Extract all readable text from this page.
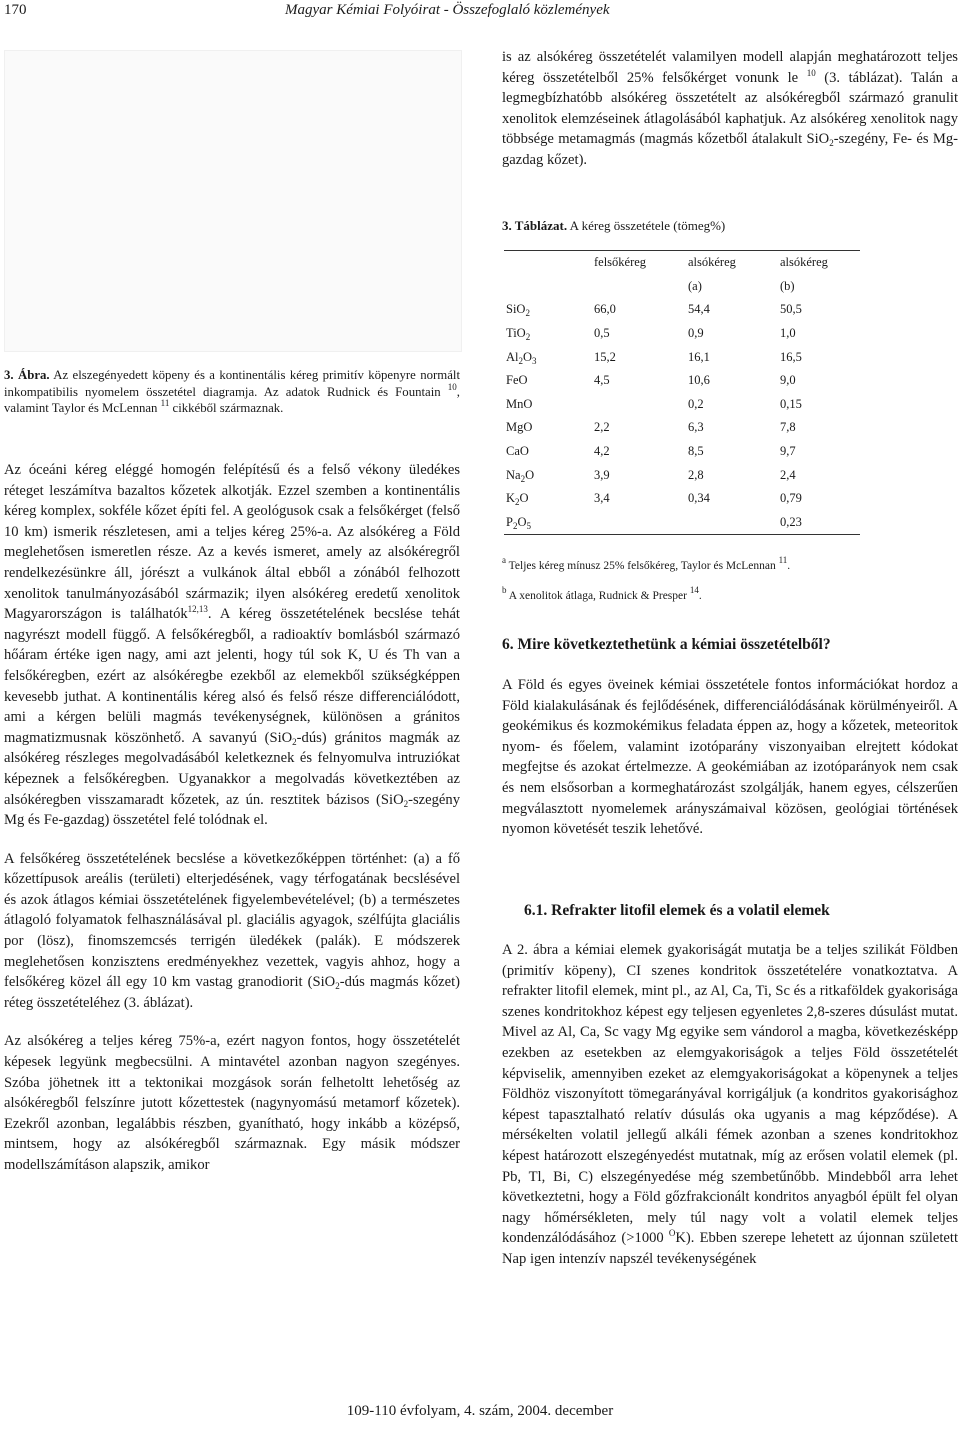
170	Magyar Kémiai Folyóirat - Összefoglaló közlemények
3. Ábra. Az elszegényedett köpeny és a kontinentális kéreg primitív köpenyre normált inkompatibilis nyomelem összetétel diagramja. Az adatok Rudnick és Fountain $^{10}$, valamint Taylor és McLennan $^{11}$ cikkéből származnak.

Az óceáni kéreg eléggé homogén felépítésű és a felső vékony üledékes réteget leszámítva bazaltos kőzetek alkotják. Ezzel szemben a kontinentális kéreg komplex, sokféle kőzet építi fel. A geológusok csak a felsőkérget (felső 10 km) ismerik részletesen, ami a teljes kéreg 25%-a. Az alsókéreg a Föld meglehetősen ismeretlen része. Az a kevés ismeret, amely az alsókéregről rendelkezésünkre áll, jórészt a vulkánok által ebből a zónából felhozott xenolitok tanulmányozásából származik; ilyen alsókéreg eredetű xenolitok Magyarországon is találhatók$^{12,13}$. A kéreg összetételének becslése tehát nagyrészt modell függő. A felsőkéregből, a radioaktív bomlásból származó hőáram értéke igen nagy, ami azt jelenti, hogy túl sok K, U és Th van a felsőkéregben, ezért az alsókéregbe ezekből az elemekből szükségképpen kevesebb juthat. A kontinentális kéreg alsó és felső része differenciálódott, ami a kérgen belüli magmás tevékenységnek, különösen a gránitos magmatizmusnak köszönhető. A savanyú (SiO$_2$-dús) gránitos magmák az alsókéreg részleges megolvadásából keletkeznek és felnyomulva intruziókat képeznek a felsőkéregben. Ugyanakkor a megolvadás következtében az alsókéregben visszamaradt kőzetek, az ún. resztitek bázisos (SiO$_2$-szegény Mg és Fe-gazdag) összetétel felé tolódnak el.

A felsőkéreg összetételének becslése a következőképpen történhet: (a) a fő kőzettípusok areális (területi) elterjedésének, vagy térfogatának becslésével és azok átlagos kémiai összetételének figyelembevételével; (b) a természetes átlagoló folyamatok felhasználásával pl. glaciális agyagok, szélfújta glaciális por (lösz), finomszemcsés terrigén üledékek (palák). E módszerek meglehetősen konzisztens eredményekhez vezettek, vagyis ahhoz, hogy a felsőkéreg közel áll egy 10 km vastag granodiorit (SiO$_2$-dús magmás kőzet) réteg összetételéhez (3. ábláza​t).

Az alsókéreg a teljes kéreg 75%-a, ezért nagyon fontos, hogy összetételét képesek legyünk megbecsülni. A mintavétel azonban nagyon szegényes. Szóba jöhetnek itt a tektonikai mozgások során felhetoltt lehetőség az alsókéregből felszínre jutott kőzettestek (nagynyomású metamorf kőzetek). Ezekről azonban, legalábbis részben, gyanítható, hogy inkább a középső, mintsem, hogy az alsókéregből származnak. Egy másik módszer modellszámításon alapszik, amikor

is az alsókéreg összetételét valamilyen modell alapján meghatározott teljes kéreg összetételből 25% felsőkérget vonunk le $^{10}$ (3. táblázat). Talán a legmegbízhatóbb alsókéreg összetételt az alsókéregből származó granulit xenolitok elemzéseinek átlagolásából kaphatjuk. Az alsókéreg xenolitok nagy többsége metamagmás (magmás kőzetből átalakult SiO$_2$-szegény, Fe- és Mg-gazdag kőzet).

3. Táblázat. A kéreg összetétele (tömeg%)
	felsőkéreg	alsókéreg	alsókéreg
		(a)	(b)
SiO$_2$	66,0	54,4	50,5
TiO$_2$	0,5	0,9	1,0
$Al_2O_3$	15,2	16,1	16,5
FeO	4,5	10,6	9,0
MnO		0,2	0,15
MgO	2,2	6,3	7,8
CaO	4,2	8,5	9,7
$Na_2O$	3,9	2,8	2,4
$K_2O$	3,4	0,34	0,79
$P_2O_5$			0,23
$^a$ Teljes kéreg mínusz 25% felsőkéreg, Taylor és McLennan $^{11}$.
$^b$ A xenolitok átlaga, Rudnick & Presper $^{14}$.
6. Mire következtethetünk a kémiai összetételből?

A Föld és egyes öveinek kémiai összetétele fontos információkat hordoz a Föld kialakulásának és fejlődésének, differenciálódásának körülményeiről. A geokémikus és kozmokémikus feladata éppen az, hogy a kőzetek, meteoritok nyom- és főelem, valamint izotóparány viszonyaiban elrejtett kódokat megfejtse és azokat értelmezze. A geokémiában az izotóparányok nem csak és nem elsősorban a kormeghatározást szolgálják, hanem egyes, célszerűen megválasztott nyomelemek arányszámaival közösen, geológiai történések nyomon követését teszik lehetővé.

6.1. Refrakter litofil elemek és a volatil elemek

A 2. ábra a kémiai elemek gyakoriságát mutatja be a teljes szilikát Földben (primitív köpeny), CI szenes kondritok összetételére vonatkoztatva. A refrakter litofil elemek, mint pl., az Al, Ca, Ti, Sc és a ritkaföldek gyakorisága szenes kondritokhoz képest egy teljesen egyenletes 2,8-szeres dúsulást mutat. Mivel az Al, Ca, Sc vagy Mg egyike sem vándorol a magba, következésképp ezekben az esetekben az elemgyakoriságok a teljes Föld összetételét képviselik, amennyiben ezeket az elemgyakoriságokat a köpenynek a teljes Földhöz viszonyított tömegarányával korrigáljuk (a kondritos gyakorisághoz képest tapasztalható relatív dúsulás oka ugyanis a mag képződése). A mérsékelten volatil jellegű alkáli fémek azonban a szenes kondritokhoz képest határozott elszegényedést mutatnak, míg az erősen volatil elemek (pl. Pb, Tl, Bi, C) elszegényedése még szembetűnőbb. Mindebből arra lehet következtetni, hogy a Föld gőzfrakcionált kondritos anyagból épült fel olyan nagy hőmérsékleten, mely túl nagy volt a volatil elemek teljes kondenzálódásához (>1000 $^O$K). Ebben szerepe lehetett az újonnan született Nap igen intenzív napszél tevékenységének

109-110 évfolyam, 4. szám, 2004. december
